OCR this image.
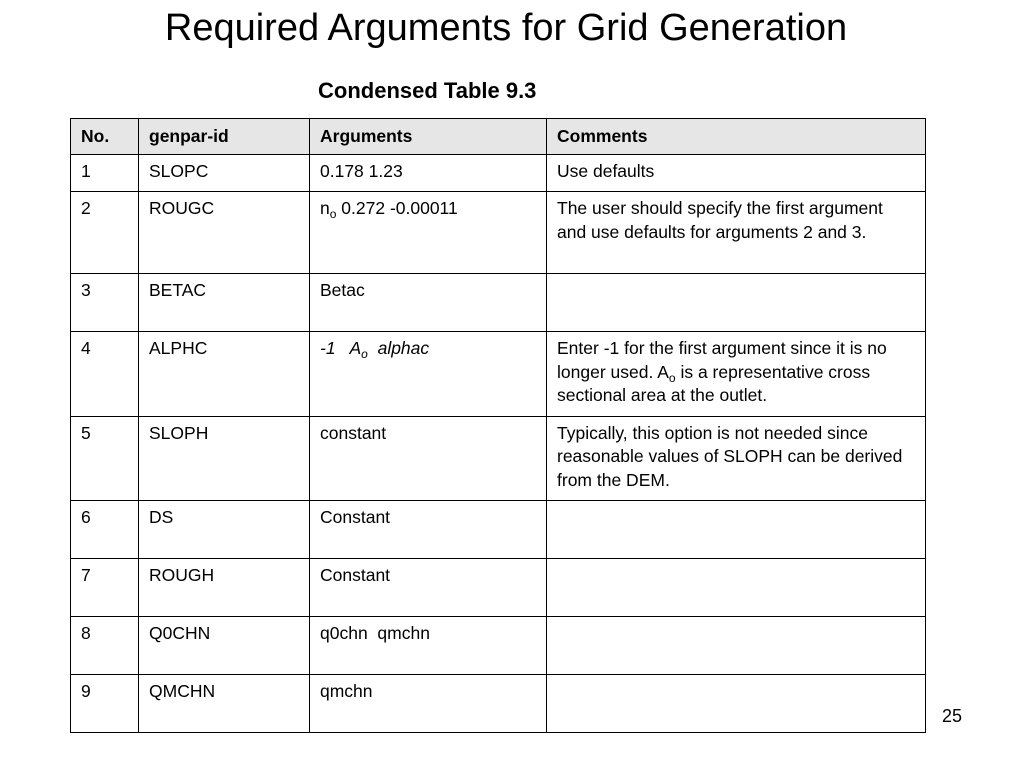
Required Arguments for Grid Generation
Condensed Table 9.3
No.	genpar-id	Arguments	Comments
1	SLOPC	0.178 1.23	Use defaults
2	ROUGC	$n_o$ 0.272 -0.00011	The user should specify the first argument and use defaults for arguments 2 and 3.
3	BETAC	Betac	
4	ALPHC	-1   $A_o$  alphac	Enter -1 for the first argument since it is no longer used. $A_o$ is a representative cross sectional area at the outlet.
5	SLOPH	constant	Typically, this option is not needed since reasonable values of SLOPH can be derived from the DEM.
6	DS	Constant	
7	ROUGH	Constant	
8	Q0CHN	q0chn  qmchn	
9	QMCHN	qmchn	
25
